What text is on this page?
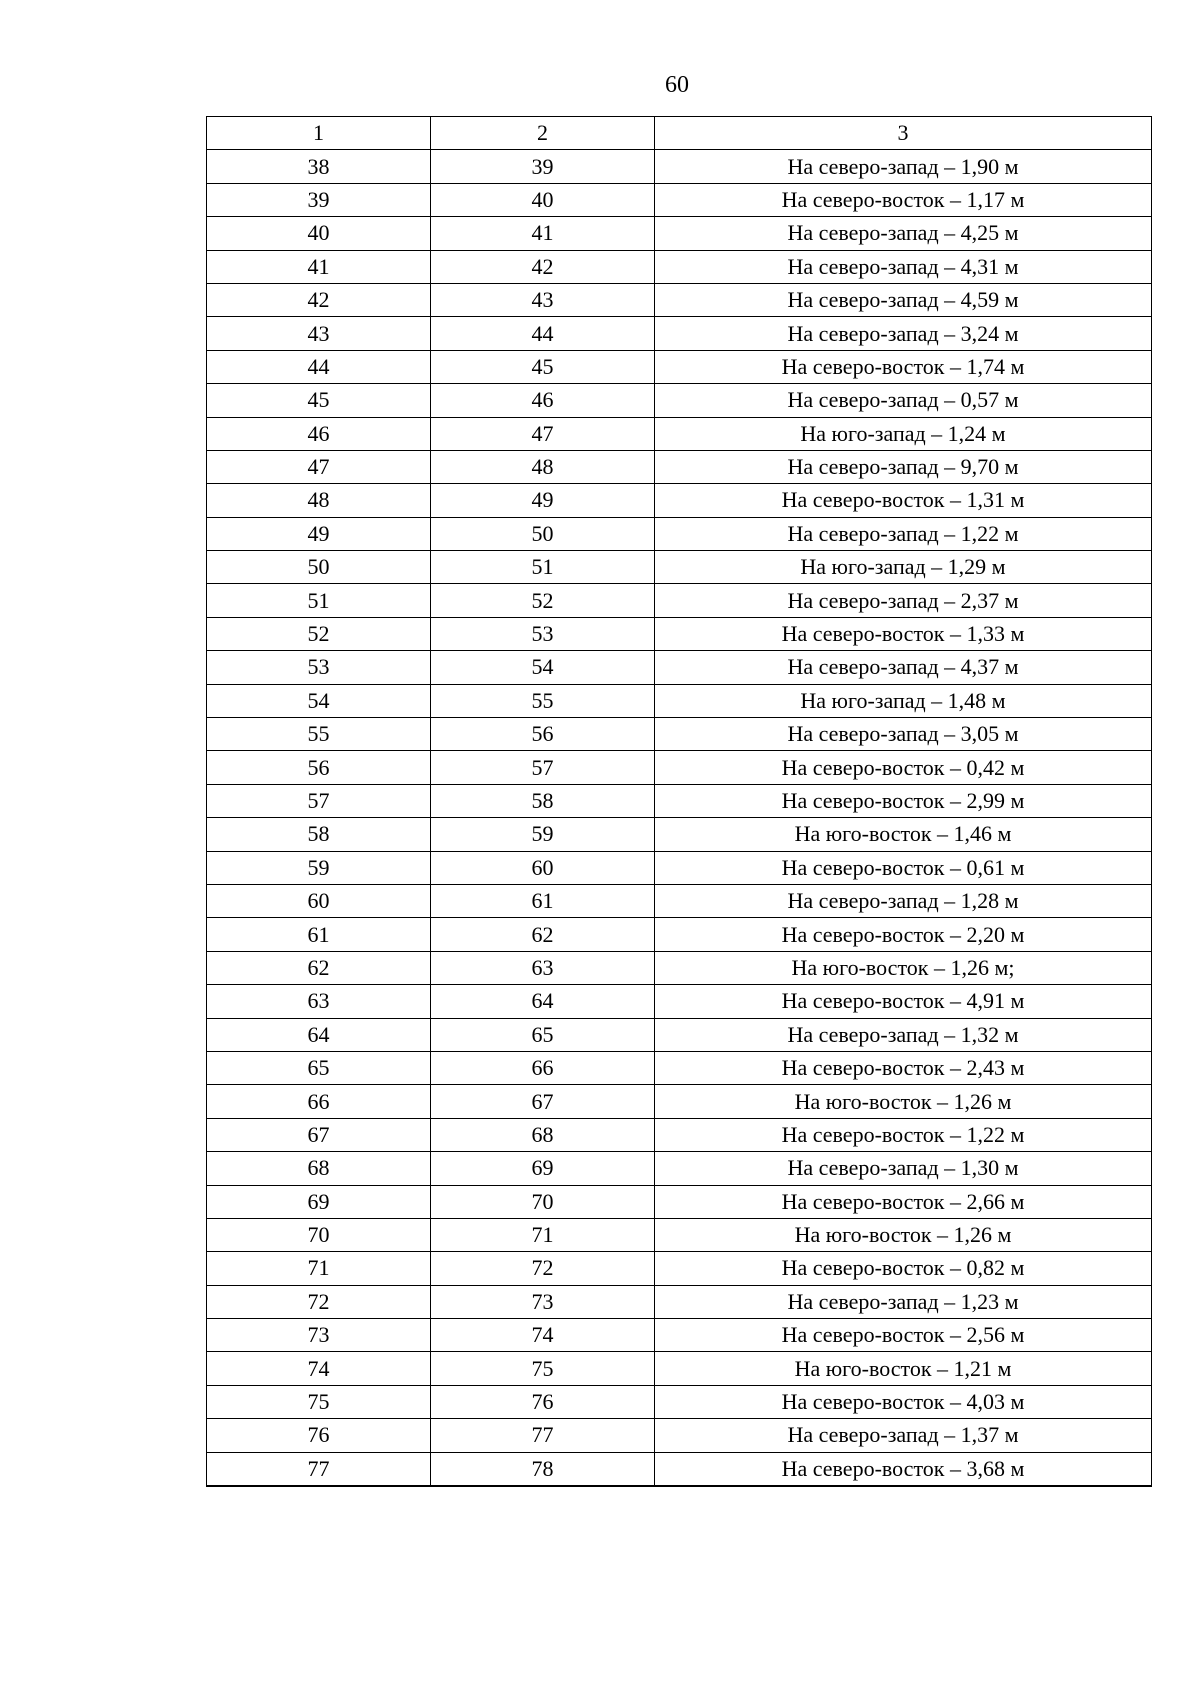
60
1	2	3
38	39	На северо-запад – 1,90 м
39	40	На северо-восток – 1,17 м
40	41	На северо-запад – 4,25 м
41	42	На северо-запад – 4,31 м
42	43	На северо-запад – 4,59 м
43	44	На северо-запад – 3,24 м
44	45	На северо-восток – 1,74 м
45	46	На северо-запад – 0,57 м
46	47	На юго-запад – 1,24 м
47	48	На северо-запад – 9,70 м
48	49	На северо-восток – 1,31 м
49	50	На северо-запад – 1,22 м
50	51	На юго-запад – 1,29 м
51	52	На северо-запад – 2,37 м
52	53	На северо-восток – 1,33 м
53	54	На северо-запад – 4,37 м
54	55	На юго-запад – 1,48 м
55	56	На северо-запад – 3,05 м
56	57	На северо-восток – 0,42 м
57	58	На северо-восток – 2,99 м
58	59	На юго-восток – 1,46 м
59	60	На северо-восток – 0,61 м
60	61	На северо-запад – 1,28 м
61	62	На северо-восток – 2,20 м
62	63	На юго-восток – 1,26 м;
63	64	На северо-восток – 4,91 м
64	65	На северо-запад – 1,32 м
65	66	На северо-восток – 2,43 м
66	67	На юго-восток – 1,26 м
67	68	На северо-восток – 1,22 м
68	69	На северо-запад – 1,30 м
69	70	На северо-восток – 2,66 м
70	71	На юго-восток – 1,26 м
71	72	На северо-восток – 0,82 м
72	73	На северо-запад – 1,23 м
73	74	На северо-восток – 2,56 м
74	75	На юго-восток – 1,21 м
75	76	На северо-восток – 4,03 м
76	77	На северо-запад – 1,37 м
77	78	На северо-восток – 3,68 м
